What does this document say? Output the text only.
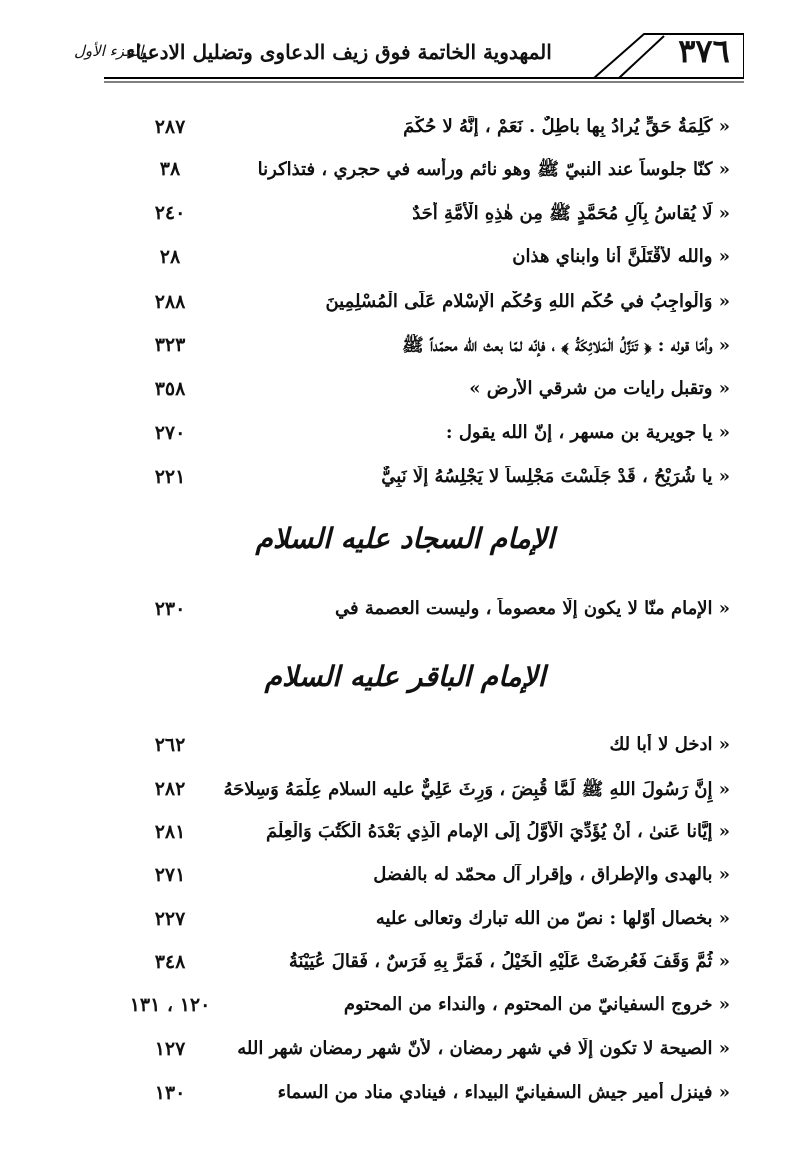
٣٧٦
المهدوية الخاتمة فوق زيف الدعاوى وتضليل الادعياء
الجزء الأول
« كَلِمَةُ حَقٍّ يُرادُ بِها باطِلٌ . نَعَمْ ، إنَّهُ لا حُكْمَ
٢٨٧
« كنّا جلوساً عند النبيّ ﷺ وهو نائم ورأسه في حجري ، فتذاكرنا
٣٨
« لَا يُقاسُ بِآلِ مُحَمَّدٍ ﷺ مِن هٰذِهِ الْأُمَّةِ أَحَدٌ
٢٤٠
« والله لأُقْتَلَنَّ أنا وابناي هذان
٢٨
« وَالْواجِبُ في حُكْمِ اللهِ وَحُكْمِ الْإِسْلامِ عَلَى الْمُسْلِمِينَ
٢٨٨
« وأمّا قوله : ﴿ تَنَزَّلُ الْمَلائِكَةُ ﴾ ، فإنّه لمّا بعث الله محمّداً ﷺ
٣٢٣
« وتقبل رايات من شرقي الأرض »
٣٥٨
« يا جويرية بن مسهر ، إنّ الله يقول :
٢٧٠
« يا شُرَيْحُ ، قَدْ جَلَسْتَ مَجْلِساً لا يَجْلِسُهُ إِلَّا نَبِيٌّ
٢٢١
الإمام السجاد عليه السلام
« الإمام منّا لا يكون إلّا معصوماً ، وليست العصمة في
٢٣٠
الإمام الباقر عليه السلام
« ادخل لا أبا لك
٢٦٢
« إِنَّ رَسُولَ اللهِ ﷺ لَمَّا قُبِضَ ، وَرِثَ عَلِيٌّ عليه السلام عِلْمَهُ وَسِلاحَهُ
٢٨٢
« إِيَّانا عَنىٰ ، أَنْ يُؤَدِّيَ الْأَوَّلُ إِلَى الإِمامِ الَّذِي بَعْدَهُ الْكُتُبَ وَالْعِلْمَ
٢٨١
« بالهدى والإطراق ، وإقرار آل محمّد له بالفضل
٢٧١
« بخصال أوّلها : نصّ من الله تبارك وتعالى عليه
٢٢٧
« ثُمَّ وَقَفَ فَعُرِضَتْ عَلَيْهِ الْخَيْلُ ، فَمَرَّ بِهِ فَرَسٌ ، فَقالَ عُيَيْنَةُ
٣٤٨
« خروج السفيانيّ من المحتوم ، والنداء من المحتوم
١٢٠ ، ١٣١
« الصيحة لا تكون إلّا في شهر رمضان ، لأنّ شهر رمضان شهر الله
١٢٧
« فينزل أمير جيش السفيانيّ البيداء ، فينادي مناد من السماء
١٣٠
